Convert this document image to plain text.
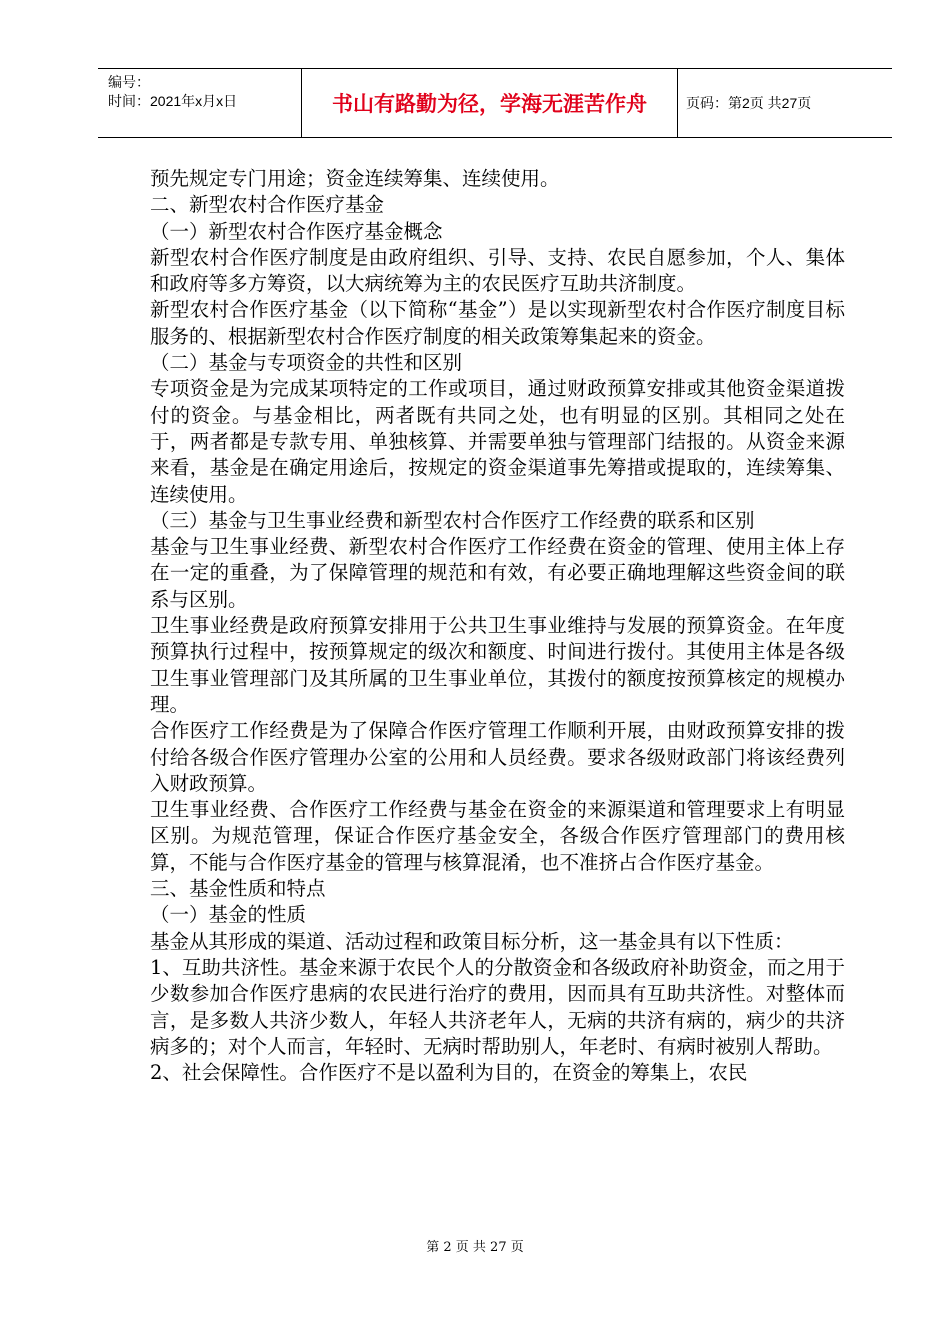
编号：
时间：2021年x月x日	书山有路勤为径，学海无涯苦作舟	页码：第2页 共27页

预先规定专门用途；资金连续筹集、连续使用。

二、新型农村合作医疗基金

（一）新型农村合作医疗基金概念

新型农村合作医疗制度是由政府组织、引导、支持、农民自愿参加，个人、集体和政府等多方筹资，以大病统筹为主的农民医疗互助共济制度。

新型农村合作医疗基金（以下简称“基金”）是以实现新型农村合作医疗制度目标服务的、根据新型农村合作医疗制度的相关政策筹集起来的资金。

（二）基金与专项资金的共性和区别

专项资金是为完成某项特定的工作或项目，通过财政预算安排或其他资金渠道拨付的资金。与基金相比，两者既有共同之处，也有明显的区别。其相同之处在于，两者都是专款专用、单独核算、并需要单独与管理部门结报的。从资金来源来看，基金是在确定用途后，按规定的资金渠道事先筹措或提取的，连续筹集、连续使用。

（三）基金与卫生事业经费和新型农村合作医疗工作经费的联系和区别

基金与卫生事业经费、新型农村合作医疗工作经费在资金的管理、使用主体上存在一定的重叠，为了保障管理的规范和有效，有必要正确地理解这些资金间的联系与区别。

卫生事业经费是政府预算安排用于公共卫生事业维持与发展的预算资金。在年度预算执行过程中，按预算规定的级次和额度、时间进行拨付。其使用主体是各级卫生事业管理部门及其所属的卫生事业单位，其拨付的额度按预算核定的规模办理。

合作医疗工作经费是为了保障合作医疗管理工作顺利开展，由财政预算安排的拨付给各级合作医疗管理办公室的公用和人员经费。要求各级财政部门将该经费列入财政预算。

卫生事业经费、合作医疗工作经费与基金在资金的来源渠道和管理要求上有明显区别。为规范管理，保证合作医疗基金安全，各级合作医疗管理部门的费用核算，不能与合作医疗基金的管理与核算混淆，也不准挤占合作医疗基金。

三、基金性质和特点

（一）基金的性质

基金从其形成的渠道、活动过程和政策目标分析，这一基金具有以下性质：

1、互助共济性。基金来源于农民个人的分散资金和各级政府补助资金，而之用于少数参加合作医疗患病的农民进行治疗的费用，因而具有互助共济性。对整体而言，是多数人共济少数人，年轻人共济老年人，无病的共济有病的，病少的共济病多的；对个人而言，年轻时、无病时帮助别人，年老时、有病时被别人帮助。

2、社会保障性。合作医疗不是以盈利为目的，在资金的筹集上，农民

第 2 页 共 27 页
